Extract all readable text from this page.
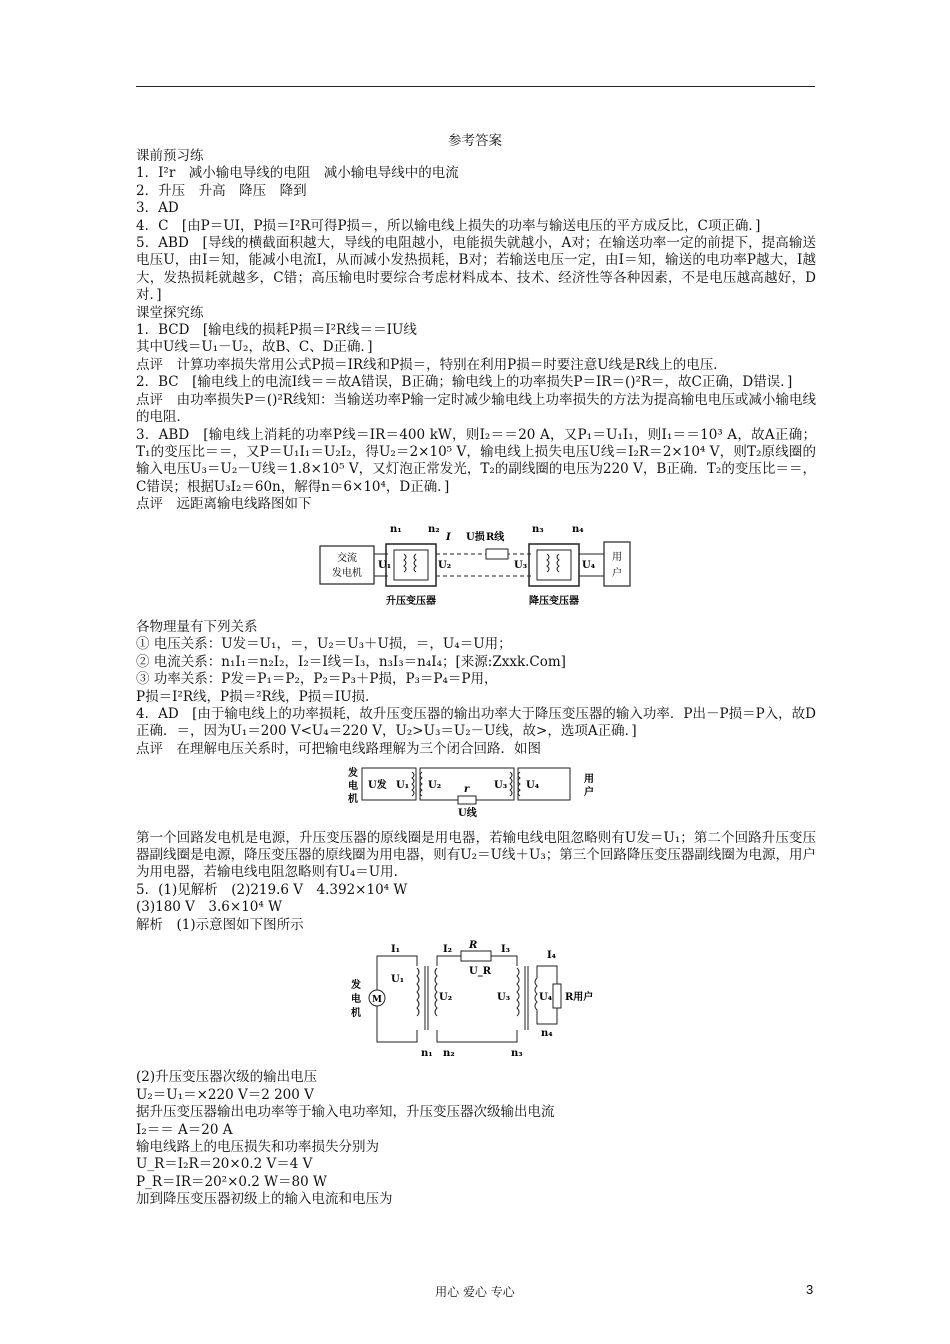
参考答案

课前预习练

1．I²r　减小输电导线的电阻　减小输电导线中的电流

2．升压　升高　降压　降到

3．AD

4．C　[由P＝UI，P损＝I²R可得P损＝，所以输电线上损失的功率与输送电压的平方成反比，C项正确．]

5．ABD　[导线的横截面积越大，导线的电阻越小，电能损失就越小，A对；在输送功率一定的前提下，提高输送电压U，由I＝知，能减小电流I，从而减小发热损耗，B对；若输送电压一定，由I＝知，输送的电功率P越大，I越大，发热损耗就越多，C错；高压输电时要综合考虑材料成本、技术、经济性等各种因素，不是电压越高越好，D对．]

课堂探究练

1．BCD　[输电线的损耗P损＝I²R线＝＝IU线

其中U线＝U₁－U₂，故B、C、D正确．]

点评　计算功率损失常用公式P损＝IR线和P损＝，特别在利用P损＝时要注意U线是R线上的电压．

2．BC　[输电线上的电流I线＝＝故A错误，B正确；输电线上的功率损失P＝IR＝()²R＝，故C正确，D错误．]

点评　由功率损失P＝()²R线知：当输送功率P输一定时减少输电线上功率损失的方法为提高输电电压或减小输电线的电阻．

3．ABD　[输电线上消耗的功率P线＝IR＝400 kW，则I₂＝＝20 A，又P₁＝U₁I₁，则I₁＝＝10³ A，故A正确；T₁的变压比＝＝，又P＝U₁I₁＝U₂I₂，得U₂＝2×10⁵ V，输电线上损失电压U线＝I₂R＝2×10⁴ V，则T₂原线圈的输入电压U₃＝U₂－U线＝1.8×10⁵ V，又灯泡正常发光，T₂的副线圈的电压为220 V，B正确．T₂的变压比＝＝，C错误；根据U₃I₂＝60n，解得n＝6×10⁴，D正确．]

点评　远距离输电线路图如下

交流
发电机
U₁	U₂
n₁	n₂
I U损 R线
U₃	U₄
n₃	n₄
用
户
升压变压器	降压变压器

各物理量有下列关系

① 电压关系：U发＝U₁，＝，U₂＝U₃＋U损，＝，U₄＝U用；

② 电流关系：n₁I₁＝n₂I₂，I₂＝I线＝I₃，n₃I₃＝n₄I₄；[来源:Zxxk.Com]

③ 功率关系：P发＝P₁＝P₂，P₂＝P₃＋P损，P₃＝P₄＝P用，

P损＝I²R线，P损＝²R线，P损＝IU损.

4．AD　[由于输电线上的功率损耗，故升压变压器的输出功率大于降压变压器的输入功率．P出－P损＝P入，故D正确．＝，因为U₁＝200 V<U₄＝220 V，U₂>U₃＝U₂－U线，故>，选项A正确．]

点评　在理解电压关系时，可把输电线路理解为三个闭合回路．如图

发
电
机
U发 U₁ U₂	U₃
r
U线
U₄
用
户

第一个回路发电机是电源，升压变压器的原线圈是用电器，若输电线电阻忽略则有U发＝U₁；第二个回路升压变压器副线圈是电源，降压变压器的原线圈为用电器，则有U₂＝U线＋U₃；第三个回路降压变压器副线圈为电源，用户为用电器，若输电线电阻忽略则有U₄＝U用.

5．(1)见解析　(2)219.6 V　4.392×10⁴ W

(3)180 V　3.6×10⁴ W

解析　(1)示意图如下图所示

发
电
机
M
I₁
U₁
U₂
I₂ R
U_R
I₃
U₃
I₄
U₄ R用户
n₄
n₁ n₂	n₃

(2)升压变压器次级的输出电压

U₂＝U₁＝×220 V＝2 200 V

据升压变压器输出电功率等于输入电功率知，升压变压器次级输出电流

I₂＝＝ A＝20 A

输电线路上的电压损失和功率损失分别为

U_R＝I₂R＝20×0.2 V＝4 V

P_R＝IR＝20²×0.2 W＝80 W

加到降压变压器初级上的输入电流和电压为

用心 爱心 专心	3
